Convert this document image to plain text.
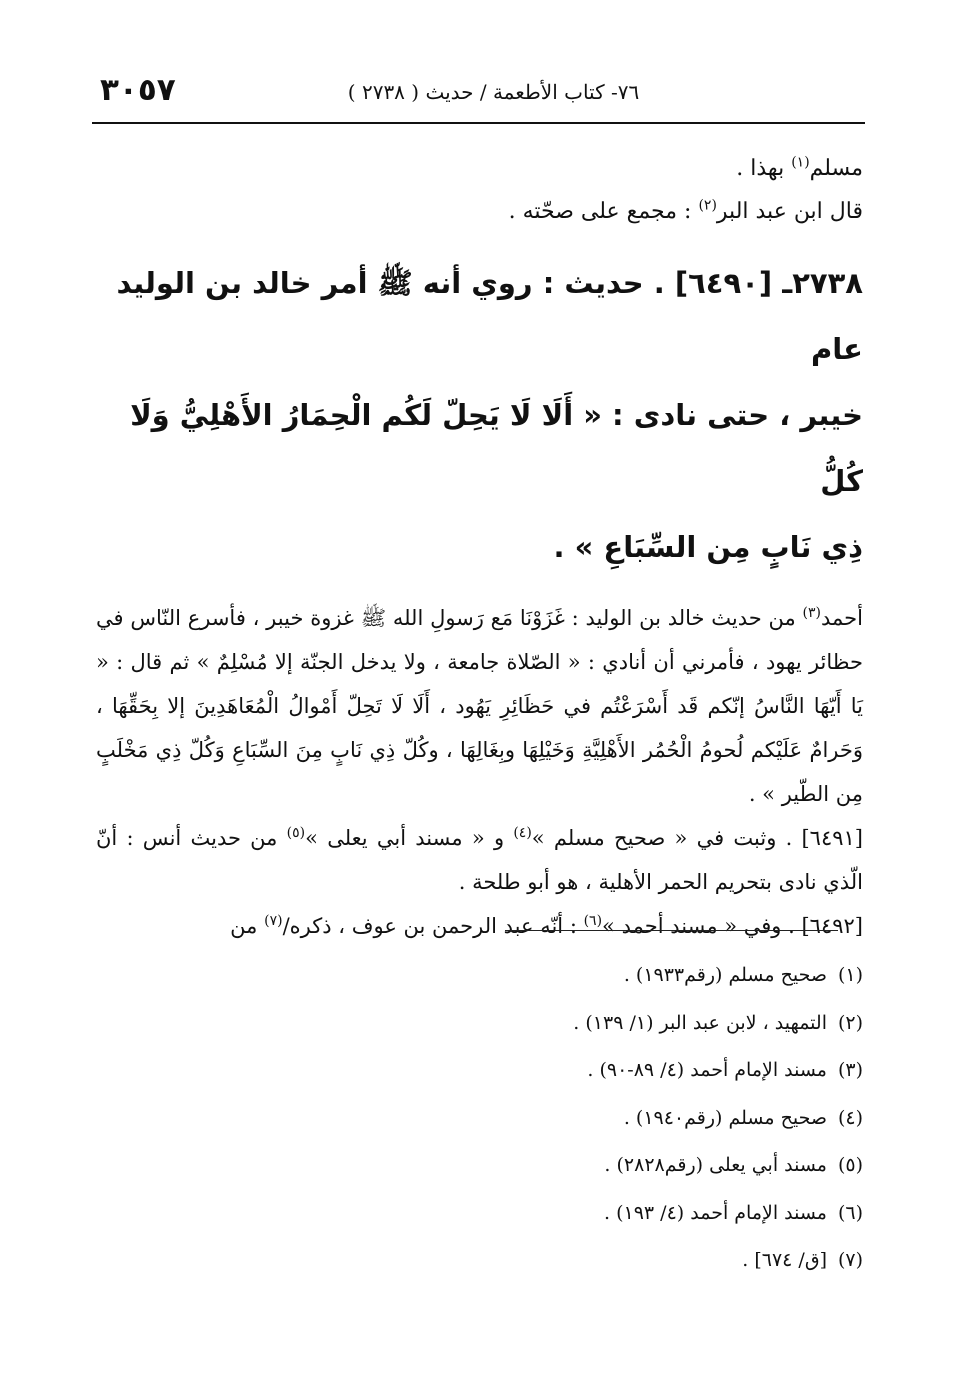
٣٠٥٧	٧٦- كتاب الأطعمة / حديث ( ٢٧٣٨ )

مسلم$^{(١)}$ بهذا .

قال ابن عبد البر$^{(٢)}$ : مجمع على صحّته .

٢٧٣٨ـ [٦٤٩٠] . حديث : روي أنه ﷺ أمر خالد بن الوليد عام

خيبر ، حتى نادى : « أَلَا لَا يَحِلّ لَكُم الْحِمَارُ الأَهْلِيُّ وَلَا كُلُّ

ذِي نَابٍ مِن السِّبَاعِ » .

أحمد$^{(٣)}$ من حديث خالد بن الوليد : غَزَوْنَا مَع رَسولِ الله ﷺ غزوة خيبر ، فأسرع النّاس في حظائر يهود ، فأمرني أن أنادي : « الصّلاة جامعة ، ولا يدخل الجنّة إلا مُسْلِمٌ » ثم قال : « يَا أَيّهَا النَّاسُ إنّكم قَد أَسْرَعْتُم في حَظَائِرِ يَهُود ، أَلَا لَا تَحِلّ أَمْوالُ الْمُعَاهَدِينَ إلا بِحَقِّهَا ، وَحَرامٌ عَلَيْكم لُحومُ الْحُمُر الأَهْلِيَّةِ وَخَيْلِهَا وبِغَالِهَا ، وكُلّ ذِي نَابٍ مِنَ السِّبَاعِ وَكُلّ ذِي مَخْلَبٍ مِن الطّير » .

[٦٤٩١] . وثبت في « صحيح مسلم »$^{(٤)}$ و « مسند أبي يعلى »$^{(٥)}$ من حديث أنس : أنّ الّذي نادى بتحريم الحمر الأهلية ، هو أبو طلحة .

[٦٤٩٢] . وفي « مسند أحمد »$^{(٦)}$ : أنّه عبد الرحمن بن عوف ، ذكره/$^{(٧)}$ من

(١)صحيح مسلم (رقم١٩٣٣) .

(٢)التمهيد ، لابن عبد البر (١/ ١٣٩) .

(٣)مسند الإمام أحمد (٤/ ٨٩-٩٠) .

(٤)صحيح مسلم (رقم١٩٤٠) .

(٥)مسند أبي يعلى (رقم٢٨٢٨) .

(٦)مسند الإمام أحمد (٤/ ١٩٣) .

(٧)[ق/ ٦٧٤] .
